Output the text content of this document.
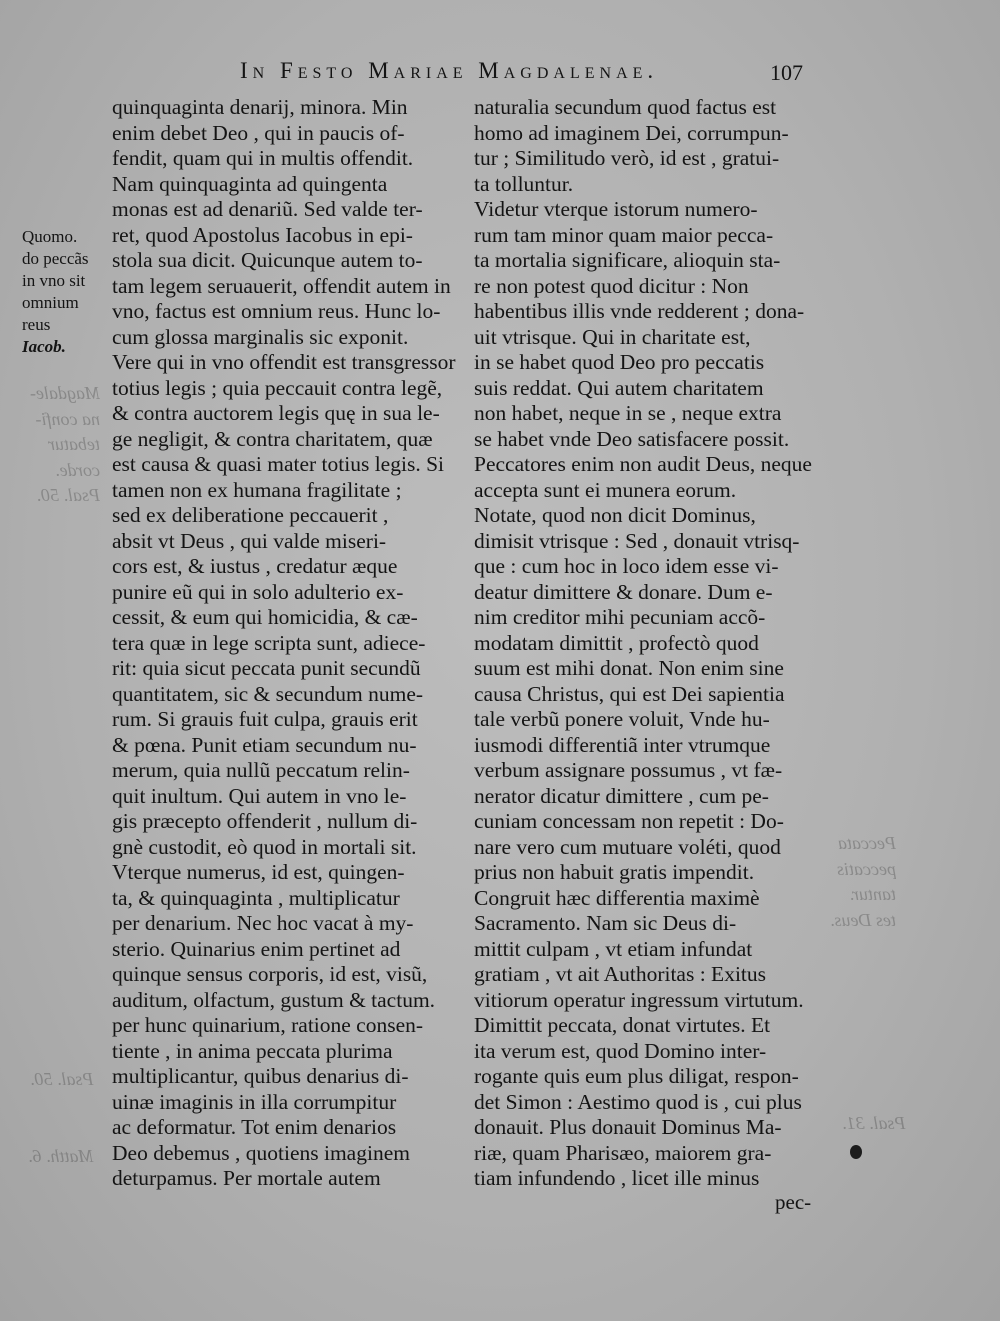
In Festo Mariae Magdalenae.	107
Quomo.
do peccãs
in vno sit
omnium
reus
Iacob.
quinquaginta denarij, minora. Min᷑
enim debet Deo , qui in paucis of-
fendit, quam qui in multis offendit.
Nam quinquaginta ad quingenta
monas est ad denariũ. Sed valde ter-
ret, quod Apostolus Iacobus in epi-
stola sua dicit. Quicunque autem to-
tam legem seruauerit, offendit autem in
vno, factus est omnium reus. Hunc lo-
cum glossa marginalis sic exponit.
Vere qui in vno offendit est transgressor
totius legis ; quia peccauit contra legẽ,
& contra auctorem legis quę in sua le-
ge negligit, & contra charitatem, quæ
est causa & quasi mater totius legis. Si
tamen non ex humana fragilitate ;
sed ex deliberatione peccauerit ,
absit vt Deus , qui valde miseri-
cors est, & iustus , credatur æque
punire eũ qui in solo adulterio ex-
cessit, & eum qui homicidia, & cæ-
tera quæ in lege scripta sunt, adiece-
rit: quia sicut peccata punit secundũ
quantitatem, sic & secundum nume-
rum. Si grauis fuit culpa, grauis erit
& pœna. Punit etiam secundum nu-
merum, quia nullũ peccatum relin-
quit inultum. Qui autem in vno le-
gis præcepto offenderit , nullum di-
gnè custodit, eò quod in mortali sit.
Vterque numerus, id est, quingen-
ta, & quinquaginta , multiplicatur
per denarium. Nec hoc vacat à my-
sterio. Quinarius enim pertinet ad
quinque sensus corporis, id est, visũ,
auditum, olfactum, gustum & tactum.
per hunc quinarium, ratione consen-
tiente , in anima peccata plurima
multiplicantur, quibus denarius di-
uinæ imaginis in illa corrumpitur
ac deformatur. Tot enim denarios
Deo debemus , quotiens imaginem
deturpamus. Per mortale autem
naturalia secundum quod factus est
homo ad imaginem Dei, corrumpun-
tur ; Similitudo verò, id est , gratui-
ta tolluntur.
Videtur vterque istorum numero-
rum tam minor quam maior pecca-
ta mortalia significare, alioquin sta-
re non potest quod dicitur : Non
habentibus illis vnde redderent ; dona-
uit vtrisque. Qui in charitate est,
in se habet quod Deo pro peccatis
suis reddat. Qui autem charitatem
non habet, neque in se , neque extra
se habet vnde Deo satisfacere possit.
Peccatores enim non audit Deus, neque
accepta sunt ei munera eorum.
Notate, quod non dicit Dominus,
dimisit vtrisque : Sed , donauit vtrisq-
que : cum hoc in loco idem esse vi-
deatur dimittere & donare. Dum e-
nim creditor mihi pecuniam accõ-
modatam dimittit , profectò quod
suum est mihi donat. Non enim sine
causa Christus, qui est Dei sapientia
tale verbũ ponere voluit, Vnde hu-
iusmodi differentiã inter vtrumque
verbum assignare possumus , vt fæ-
nerator dicatur dimittere , cum pe-
cuniam concessam non repetit : Do-
nare vero cum mutuare voléti, quod
prius non habuit gratis impendit.
Congruit hæc differentia maximè
Sacramento. Nam sic Deus di-
mittit culpam , vt etiam infundat
gratiam , vt ait Authoritas : Exitus
vitiorum operatur ingressum virtutum.
Dimittit peccata, donat virtutes. Et
ita verum est, quod Domino inter-
rogante quis eum plus diligat, respon-
det Simon : Aestimo quod is , cui plus
donauit. Plus donauit Dominus Ma-
riæ, quam Pharisæo, maiorem gra-
tiam infundendo , licet ille minus
pec-
Magdale-
na confi-
tebatur
corde.
Psal. 50.
Psal. 50.
Matth. 6.
Peccata
peccatis
tantur.
tes Deus.
Psal. 31.
